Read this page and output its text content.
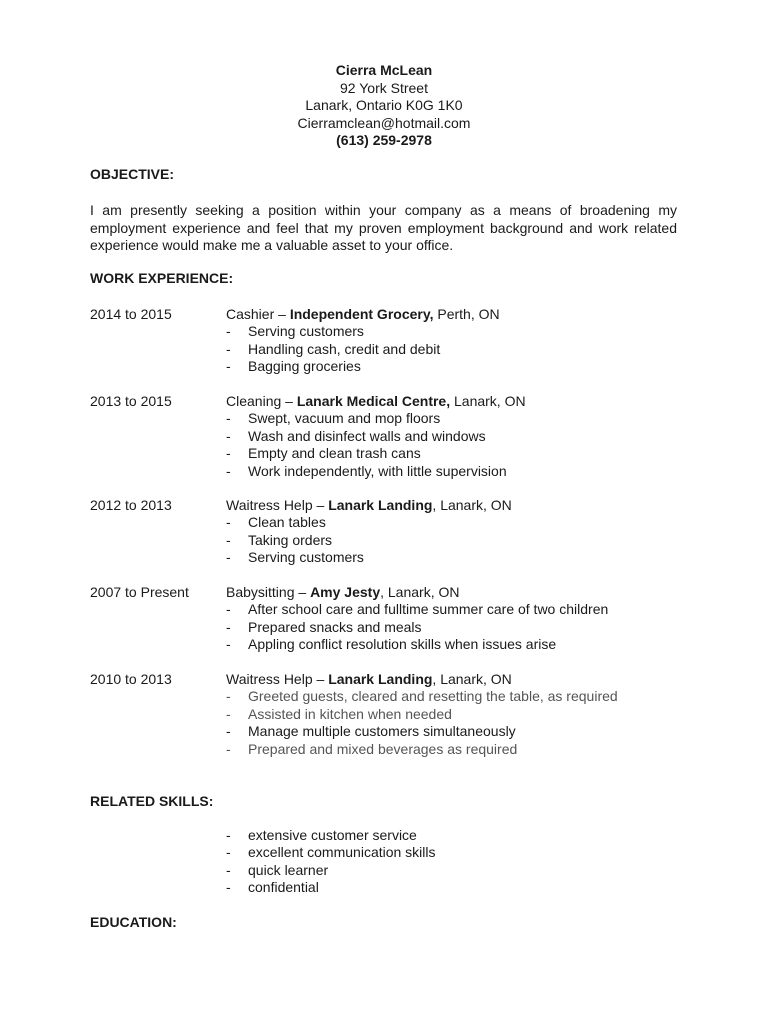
Cierra McLean
92 York Street
Lanark, Ontario K0G 1K0
Cierramclean@hotmail.com
(613) 259-2978
OBJECTIVE:
I am presently seeking a position within your company as a means of broadening my employment experience and feel that my proven employment background and work related experience would make me a valuable asset to your office.
WORK EXPERIENCE:
2014 to 2015	Cashier – Independent Grocery, Perth, ON
- Serving customers
- Handling cash, credit and debit
- Bagging groceries
2013 to 2015	Cleaning – Lanark Medical Centre, Lanark, ON
- Swept, vacuum and mop floors
- Wash and disinfect walls and windows
- Empty and clean trash cans
- Work independently, with little supervision
2012 to 2013	Waitress Help – Lanark Landing, Lanark, ON
- Clean tables
- Taking orders
- Serving customers
2007 to Present	Babysitting – Amy Jesty, Lanark, ON
- After school care and fulltime summer care of two children
- Prepared snacks and meals
- Appling conflict resolution skills when issues arise
2010 to 2013	Waitress Help – Lanark Landing, Lanark, ON
- Greeted guests, cleared and resetting the table, as required
- Assisted in kitchen when needed
- Manage multiple customers simultaneously
- Prepared and mixed beverages as required
RELATED SKILLS:
- extensive customer service
- excellent communication skills
- quick learner
- confidential
EDUCATION:
